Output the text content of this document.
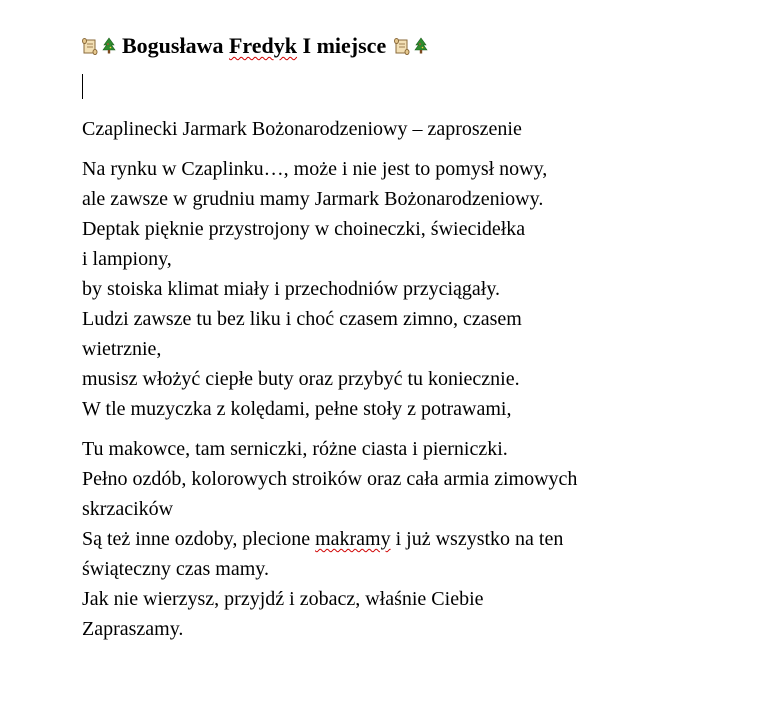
Bogusława
Fredyk
I miejsce
Czaplinecki Jarmark Bożonarodzeniowy – zaproszenie
Na rynku w Czaplinku…, może i nie jest to pomysł nowy,
ale zawsze w grudniu mamy Jarmark Bożonarodzeniowy.
Deptak pięknie przystrojony w choineczki, świecidełka
i lampiony,
by stoiska klimat miały i przechodniów przyciągały.
Ludzi zawsze tu bez liku i choć czasem zimno, czasem
wietrznie,
musisz włożyć ciepłe buty oraz przybyć tu koniecznie.
W tle muzyczka z kolędami, pełne stoły z potrawami,
Tu makowce, tam serniczki, różne ciasta i pierniczki.
Pełno ozdób, kolorowych stroików oraz cała armia zimowych
skrzacików
Są też inne ozdoby, plecione makramy i już wszystko na ten
świąteczny czas mamy.
Jak nie wierzysz, przyjdź i zobacz, właśnie Ciebie
Zapraszamy.
